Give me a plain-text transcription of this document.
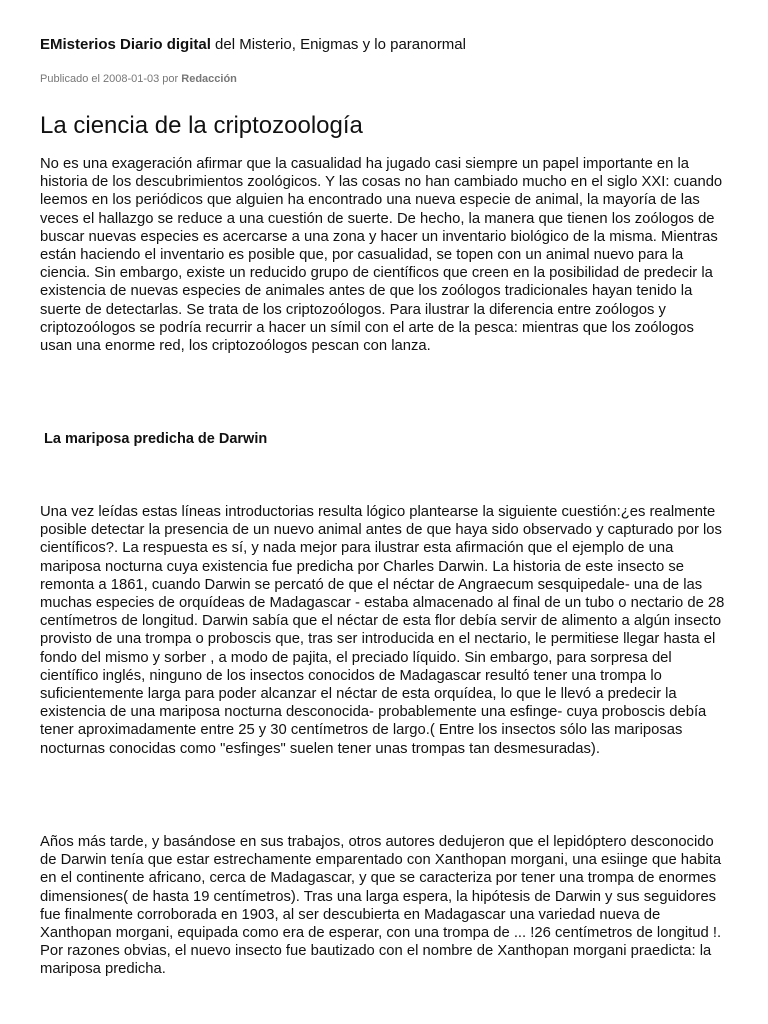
EMisterios Diario digital del Misterio, Enigmas y lo paranormal
Publicado el 2008-01-03 por Redacción
La ciencia de la criptozoología

No es una exageración afirmar que la casualidad ha jugado casi siempre un papel importante en la historia de los descubrimientos zoológicos. Y las cosas no han cambiado mucho en el siglo XXI: cuando leemos en los periódicos que alguien ha encontrado una nueva especie de animal, la mayoría de las veces el hallazgo se reduce a una cuestión de suerte. De hecho, la manera que tienen los zoólogos de buscar nuevas especies es acercarse a una zona y hacer un inventario biológico de la misma. Mientras están haciendo el inventario es posible que, por casualidad, se topen con un animal nuevo para la ciencia. Sin embargo, existe un reducido grupo de científicos que creen en la posibilidad de predecir la existencia de nuevas especies de animales antes de que los zoólogos tradicionales hayan tenido la suerte de detectarlas. Se trata de los criptozoólogos. Para ilustrar la diferencia entre zoólogos y criptozoólogos se podría recurrir a hacer un símil con el arte de la pesca: mientras que los zoólogos usan una enorme red, los criptozoólogos pescan con lanza.

La mariposa predicha de Darwin

Una vez leídas estas líneas introductorias resulta lógico plantearse la siguiente cuestión:¿es realmente posible detectar la presencia de un nuevo animal antes de que haya sido observado y capturado por los científicos?. La respuesta es sí, y nada mejor para ilustrar esta afirmación que el ejemplo de una mariposa nocturna cuya existencia fue predicha por Charles Darwin. La historia de este insecto se remonta a 1861, cuando Darwin se percató de que el néctar de Angraecum sesquipedale- una de las muchas especies de orquídeas de Madagascar - estaba almacenado al final de un tubo o nectario de 28 centímetros de longitud. Darwin sabía que el néctar de esta flor debía servir de alimento a algún insecto provisto de una trompa o proboscis que, tras ser introducida en el nectario, le permitiese llegar hasta el fondo del mismo y sorber , a modo de pajita, el preciado líquido. Sin embargo, para sorpresa del científico inglés, ninguno de los insectos conocidos de Madagascar resultó tener una trompa lo suficientemente larga para poder alcanzar el néctar de esta orquídea, lo que le llevó a predecir la existencia de una mariposa nocturna desconocida- probablemente una esfinge- cuya proboscis debía tener aproximadamente entre 25 y 30 centímetros de largo.( Entre los insectos sólo las mariposas nocturnas conocidas como "esfinges" suelen tener unas trompas tan desmesuradas).

Años más tarde, y basándose en sus trabajos, otros autores dedujeron que el lepidóptero desconocido de Darwin tenía que estar estrechamente emparentado con Xanthopan morgani, una esiinge que habita en el continente africano, cerca de Madagascar, y que se caracteriza por tener una trompa de enormes dimensiones( de hasta 19 centímetros). Tras una larga espera, la hipótesis de Darwin y sus seguidores fue finalmente corroborada en 1903, al ser descubierta en Madagascar una variedad nueva de Xanthopan morgani, equipada como era de esperar, con una trompa de ... !26 centímetros de longitud !. Por razones obvias, el nuevo insecto fue bautizado con el nombre de Xanthopan morgani praedicta: la mariposa predicha.
